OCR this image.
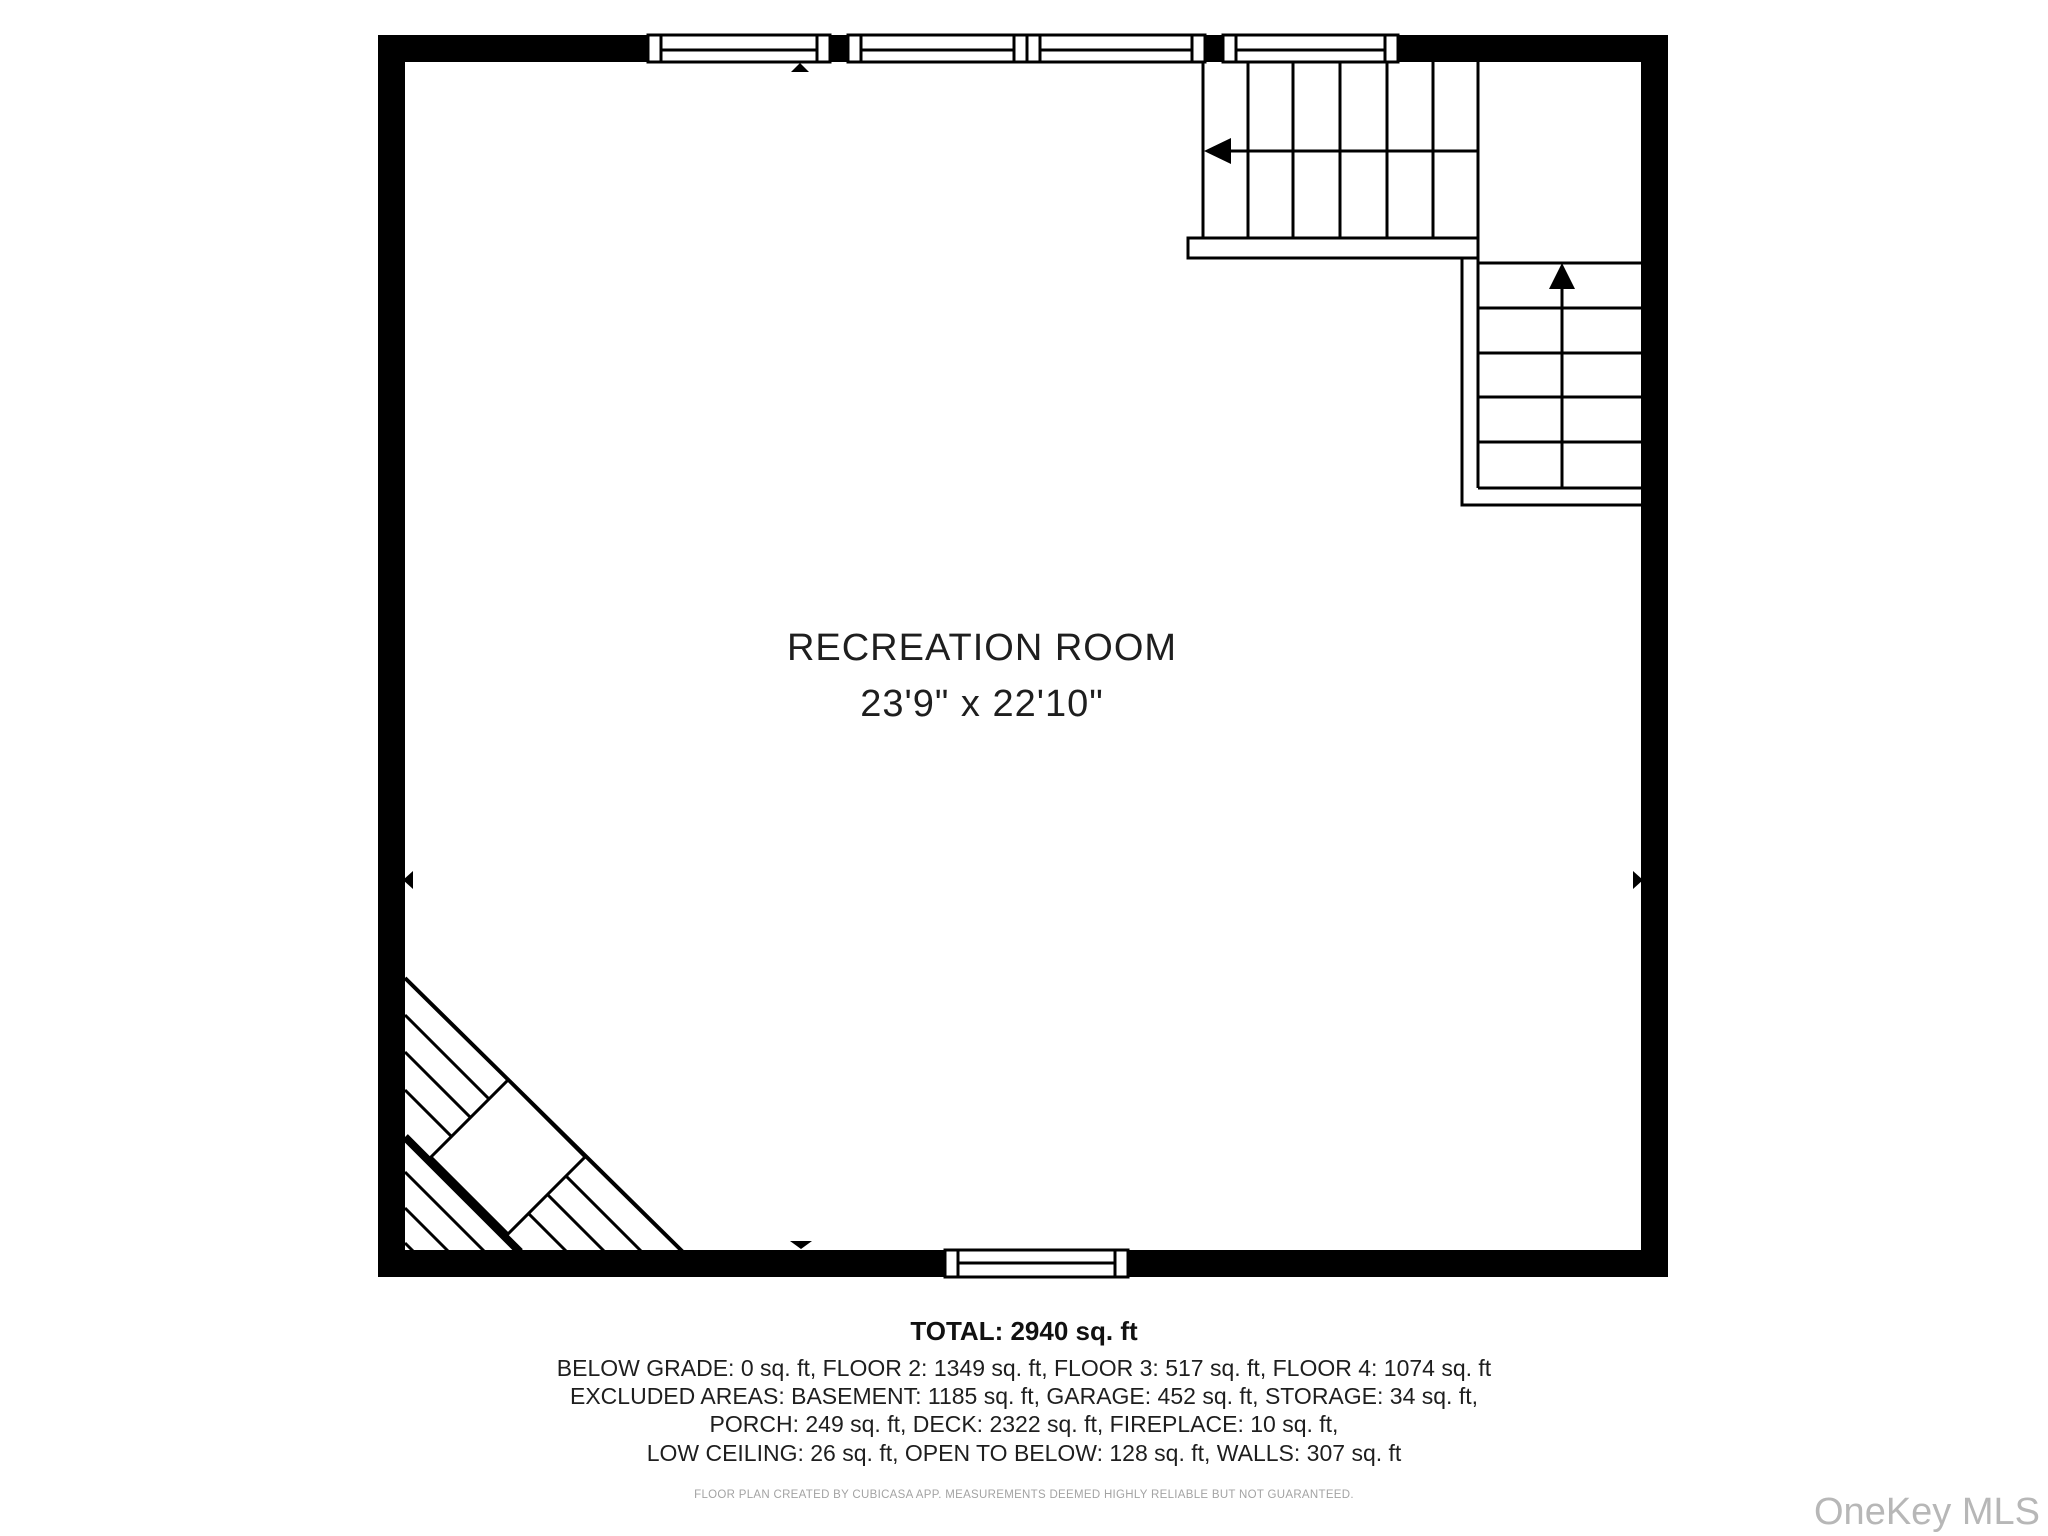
RECREATION ROOM
23'9" x 22'10"
TOTAL: 2940 sq. ft
BELOW GRADE: 0 sq. ft, FLOOR 2: 1349 sq. ft, FLOOR 3: 517 sq. ft, FLOOR 4: 1074 sq. ft
EXCLUDED AREAS: BASEMENT: 1185 sq. ft, GARAGE: 452 sq. ft, STORAGE: 34 sq. ft,
PORCH: 249 sq. ft, DECK: 2322 sq. ft, FIREPLACE: 10 sq. ft,
LOW CEILING: 26 sq. ft, OPEN TO BELOW: 128 sq. ft, WALLS: 307 sq. ft
FLOOR PLAN CREATED BY CUBICASA APP. MEASUREMENTS DEEMED HIGHLY RELIABLE BUT NOT GUARANTEED.	OneKey MLS
